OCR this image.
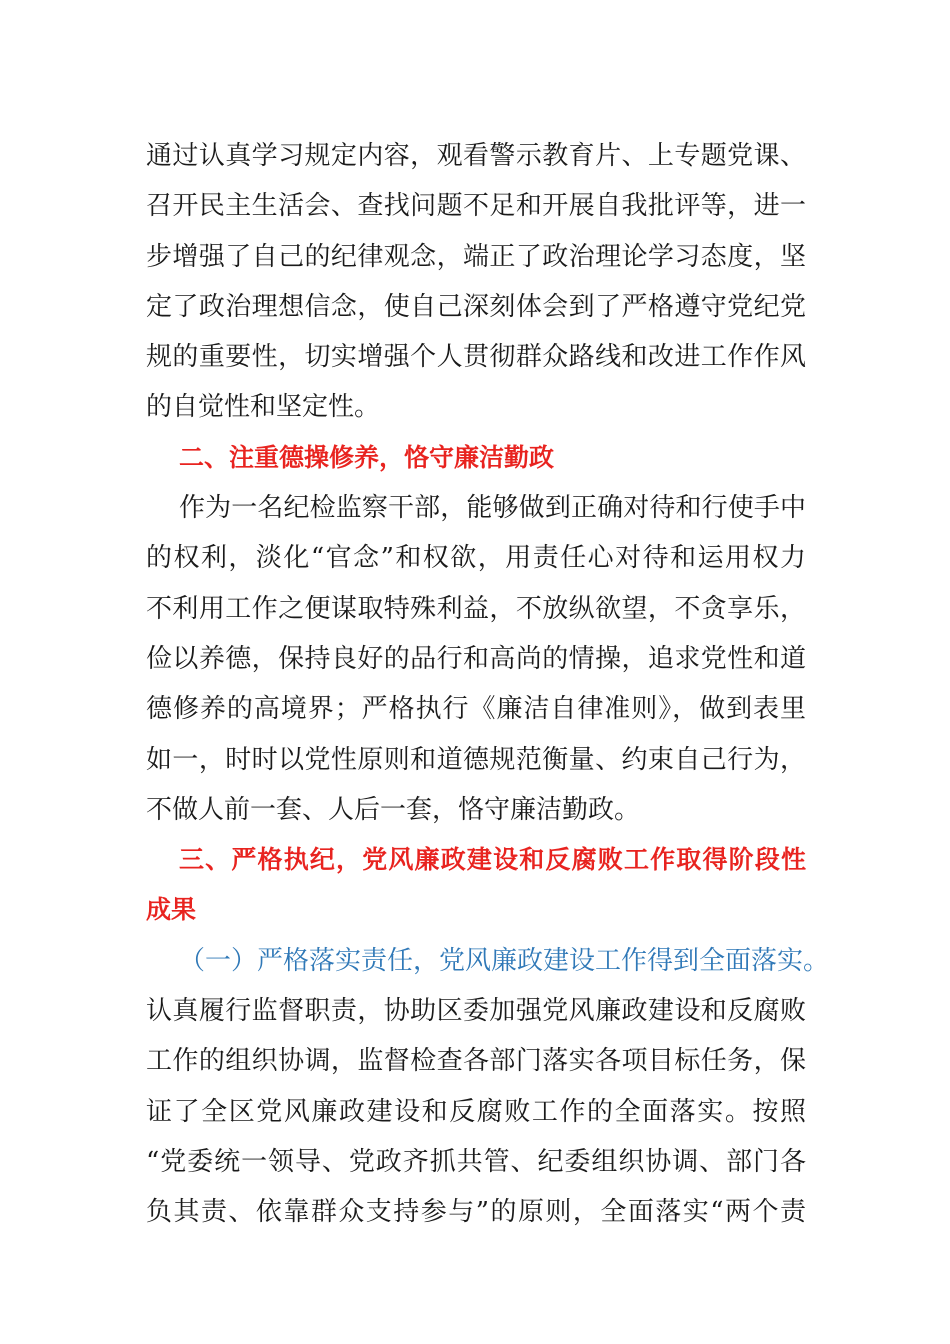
通过认真学习规定内容，观看警示教育片、上专题党课、
召开民主生活会、查找问题不足和开展自我批评等，进一
步增强了自己的纪律观念，端正了政治理论学习态度，坚
定了政治理想信念，使自己深刻体会到了严格遵守党纪党
规的重要性，切实增强个人贯彻群众路线和改进工作作风
的自觉性和坚定性。
二、注重德操修养，恪守廉洁勤政
作为一名纪检监察干部，能够做到正确对待和行使手中
的权利，淡化“官念”和权欲，用责任心对待和运用权力
不利用工作之便谋取特殊利益，不放纵欲望，不贪享乐，
俭以养德，保持良好的品行和高尚的情操，追求党性和道
德修养的高境界；严格执行《廉洁自律准则》，做到表里
如一，时时以党性原则和道德规范衡量、约束自己行为，
不做人前一套、人后一套，恪守廉洁勤政。
三、严格执纪，党风廉政建设和反腐败工作取得阶段性
成果
（一）严格落实责任，党风廉政建设工作得到全面落实。
认真履行监督职责，协助区委加强党风廉政建设和反腐败
工作的组织协调，监督检查各部门落实各项目标任务，保
证了全区党风廉政建设和反腐败工作的全面落实。按照
“党委统一领导、党政齐抓共管、纪委组织协调、部门各
负其责、依靠群众支持参与”的原则，全面落实“两个责
